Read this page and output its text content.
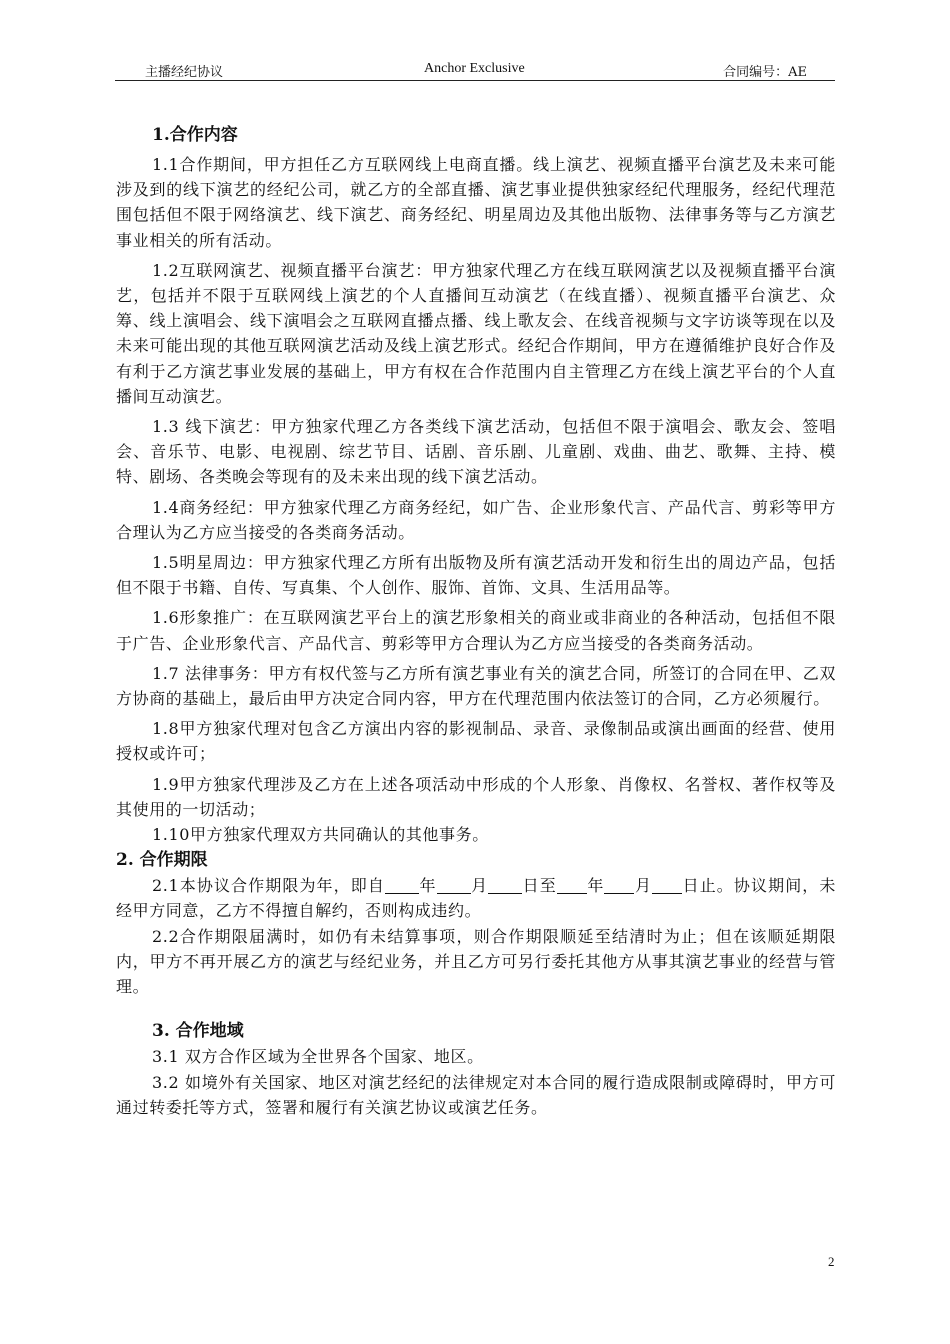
主播经纪协议	Anchor Exclusive	合同编号：AE
1.合作内容

1.1合作期间，甲方担任乙方互联网线上电商直播。线上演艺、视频直播平台演艺及未来可能涉及到的线下演艺的经纪公司，就乙方的全部直播、演艺事业提供独家经纪代理服务，经纪代理范围包括但不限于网络演艺、线下演艺、商务经纪、明星周边及其他出版物、法律事务等与乙方演艺事业相关的所有活动。

1.2互联网演艺、视频直播平台演艺：甲方独家代理乙方在线互联网演艺以及视频直播平台演艺，包括并不限于互联网线上演艺的个人直播间互动演艺（在线直播）、视频直播平台演艺、众筹、线上演唱会、线下演唱会之互联网直播点播、线上歌友会、在线音视频与文字访谈等现在以及未来可能出现的其他互联网演艺活动及线上演艺形式。经纪合作期间，甲方在遵循维护良好合作及有利于乙方演艺事业发展的基础上，甲方有权在合作范围内自主管理乙方在线上演艺平台的个人直播间互动演艺。

1.3 线下演艺：甲方独家代理乙方各类线下演艺活动，包括但不限于演唱会、歌友会、签唱会、音乐节、电影、电视剧、综艺节目、话剧、音乐剧、儿童剧、戏曲、曲艺、歌舞、主持、模特、剧场、各类晚会等现有的及未来出现的线下演艺活动。

1.4商务经纪：甲方独家代理乙方商务经纪，如广告、企业形象代言、产品代言、剪彩等甲方合理认为乙方应当接受的各类商务活动。

1.5明星周边：甲方独家代理乙方所有出版物及所有演艺活动开发和衍生出的周边产品，包括但不限于书籍、自传、写真集、个人创作、服饰、首饰、文具、生活用品等。

1.6形象推广：在互联网演艺平台上的演艺形象相关的商业或非商业的各种活动，包括但不限于广告、企业形象代言、产品代言、剪彩等甲方合理认为乙方应当接受的各类商务活动。

1.7 法律事务：甲方有权代签与乙方所有演艺事业有关的演艺合同，所签订的合同在甲、乙双方协商的基础上，最后由甲方决定合同内容，甲方在代理范围内依法签订的合同，乙方必须履行。

1.8甲方独家代理对包含乙方演出内容的影视制品、录音、录像制品或演出画面的经营、使用授权或许可；

1.9甲方独家代理涉及乙方在上述各项活动中形成的个人形象、肖像权、名誉权、著作权等及其使用的一切活动；

1.10甲方独家代理双方共同确认的其他事务。

2. 合作期限

2.1本协议合作期限为年，即自 年 月 日至 年 月 日止。协议期间，未经甲方同意，乙方不得擅自解约，否则构成违约。

2.2合作期限届满时，如仍有未结算事项，则合作期限顺延至结清时为止；但在该顺延期限内，甲方不再开展乙方的演艺与经纪业务，并且乙方可另行委托其他方从事其演艺事业的经营与管理。

3. 合作地域

3.1 双方合作区域为全世界各个国家、地区。

3.2 如境外有关国家、地区对演艺经纪的法律规定对本合同的履行造成限制或障碍时，甲方可通过转委托等方式，签署和履行有关演艺协议或演艺任务。

2
